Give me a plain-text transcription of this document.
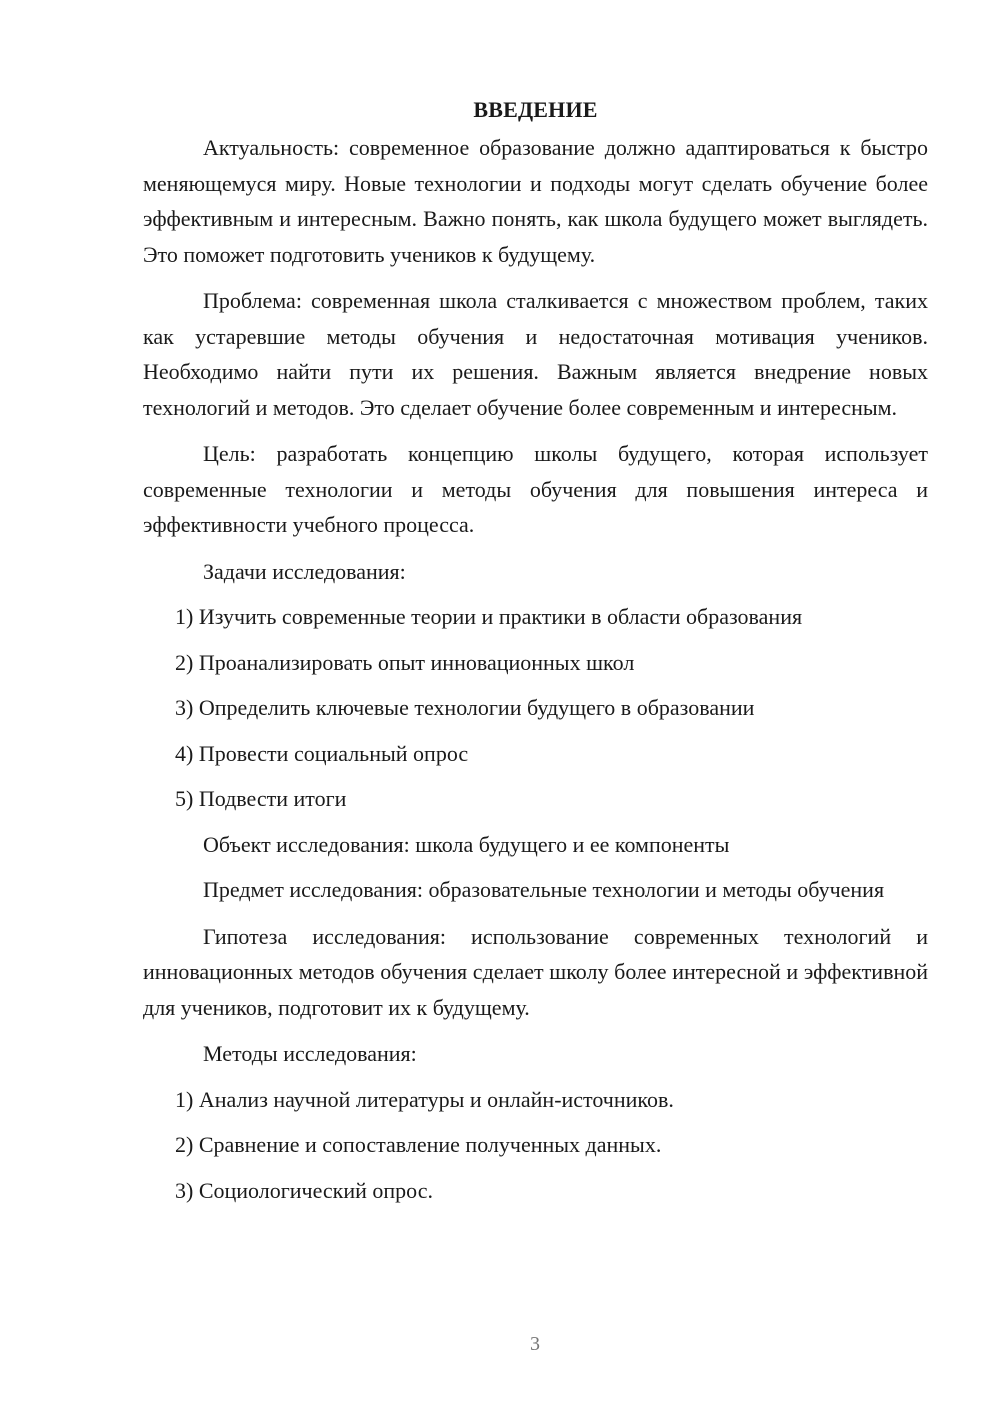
ВВЕДЕНИЕ

Актуальность: современное образование должно адаптироваться к быстро меняющемуся миру. Новые технологии и подходы могут сделать обучение более эффективным и интересным. Важно понять, как школа будущего может выглядеть. Это поможет подготовить учеников к будущему.

Проблема: современная школа сталкивается с множеством проблем, таких как устаревшие методы обучения и недостаточная мотивация учеников. Необходимо найти пути их решения. Важным является внедрение новых технологий и методов. Это сделает обучение более современным и интересным.

Цель: разработать концепцию школы будущего, которая использует современные технологии и методы обучения для повышения интереса и эффективности учебного процесса.

Задачи исследования:

1) Изучить современные теории и практики в области образования

2) Проанализировать опыт инновационных школ

3) Определить ключевые технологии будущего в образовании

4) Провести социальный опрос

5) Подвести итоги

Объект исследования: школа будущего и ее компоненты

Предмет исследования: образовательные технологии и методы обучения

Гипотеза исследования: использование современных технологий и инновационных методов обучения сделает школу более интересной и эффективной для учеников, подготовит их к будущему.

Методы исследования:

1) Анализ научной литературы и онлайн-источников.

2) Сравнение и сопоставление полученных данных.

3) Социологический опрос.

3
